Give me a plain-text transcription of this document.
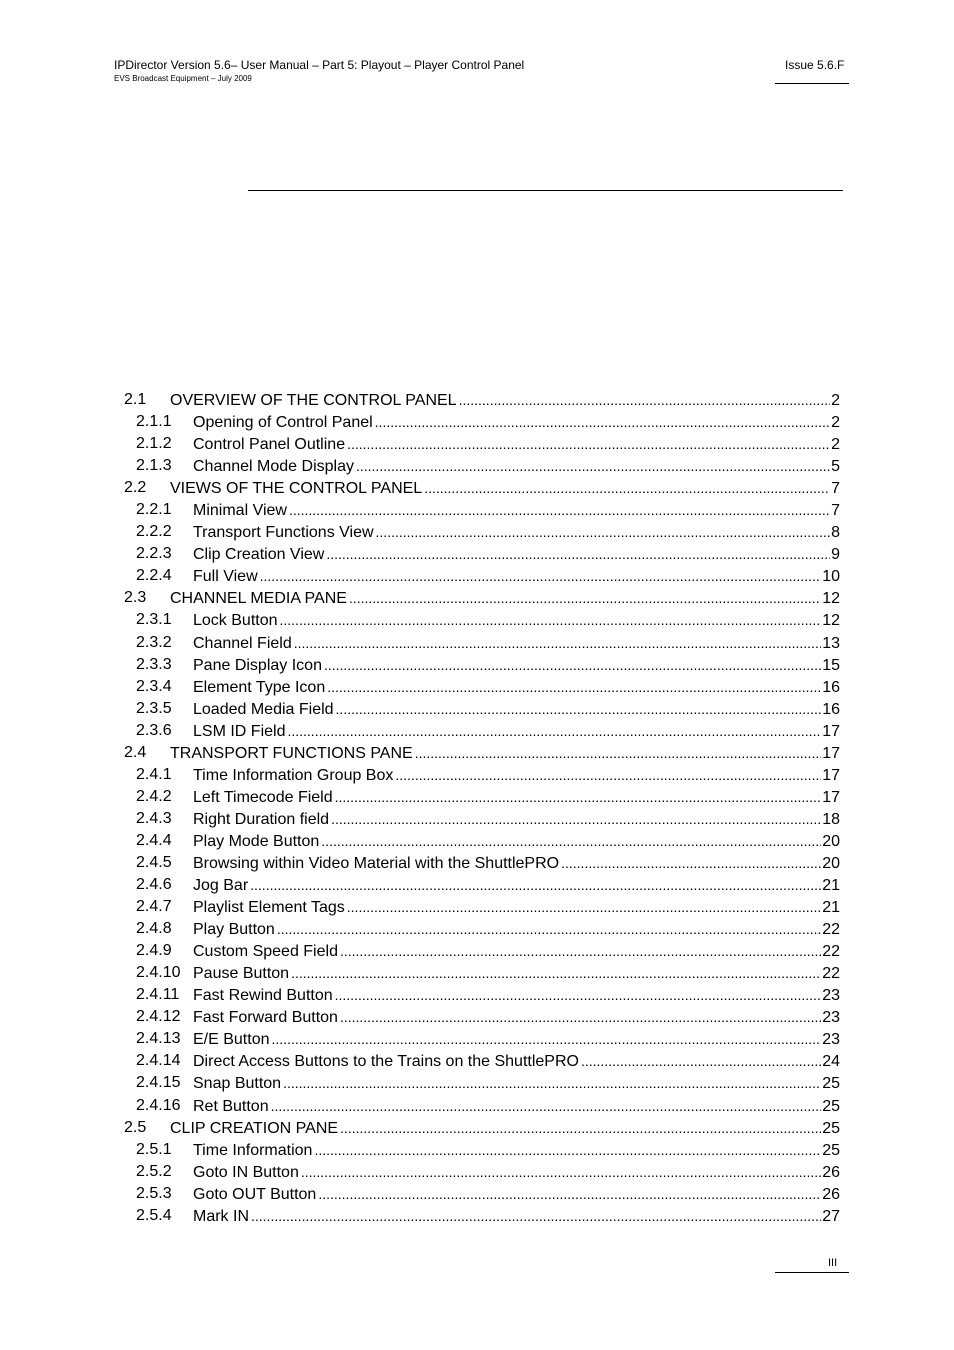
IPDirector Version 5.6– User Manual – Part 5: Playout – Player Control Panel
EVS Broadcast Equipment – July 2009
Issue 5.6.F
2.1 OVERVIEW OF THE CONTROL PANEL .....	2
2.1.1 Opening of Control Panel .....	2
2.1.2 Control Panel Outline .....	2
2.1.3 Channel Mode Display .....	5
2.2 VIEWS OF THE CONTROL PANEL .....	7
2.2.1 Minimal View .....	7
2.2.2 Transport Functions View .....	8
2.2.3 Clip Creation View .....	9
2.2.4 Full View .....	10
2.3 CHANNEL MEDIA PANE .....	12
2.3.1 Lock Button .....	12
2.3.2 Channel Field .....	13
2.3.3 Pane Display Icon .....	15
2.3.4 Element Type Icon .....	16
2.3.5 Loaded Media Field .....	16
2.3.6 LSM ID Field .....	17
2.4 TRANSPORT FUNCTIONS PANE .....	17
2.4.1 Time Information Group Box .....	17
2.4.2 Left Timecode Field .....	17
2.4.3 Right Duration field .....	18
2.4.4 Play Mode Button .....	20
2.4.5 Browsing within Video Material with the ShuttlePRO .....	20
2.4.6 Jog Bar .....	21
2.4.7 Playlist Element Tags .....	21
2.4.8 Play Button .....	22
2.4.9 Custom Speed Field .....	22
2.4.10 Pause Button .....	22
2.4.11 Fast Rewind Button .....	23
2.4.12 Fast Forward Button .....	23
2.4.13 E/E Button .....	23
2.4.14 Direct Access Buttons to the Trains on the ShuttlePRO .....	24
2.4.15 Snap Button .....	25
2.4.16 Ret Button .....	25
2.5 CLIP CREATION PANE .....	25
2.5.1 Time Information .....	25
2.5.2 Goto IN Button .....	26
2.5.3 Goto OUT Button .....	26
2.5.4 Mark IN .....	27
III
